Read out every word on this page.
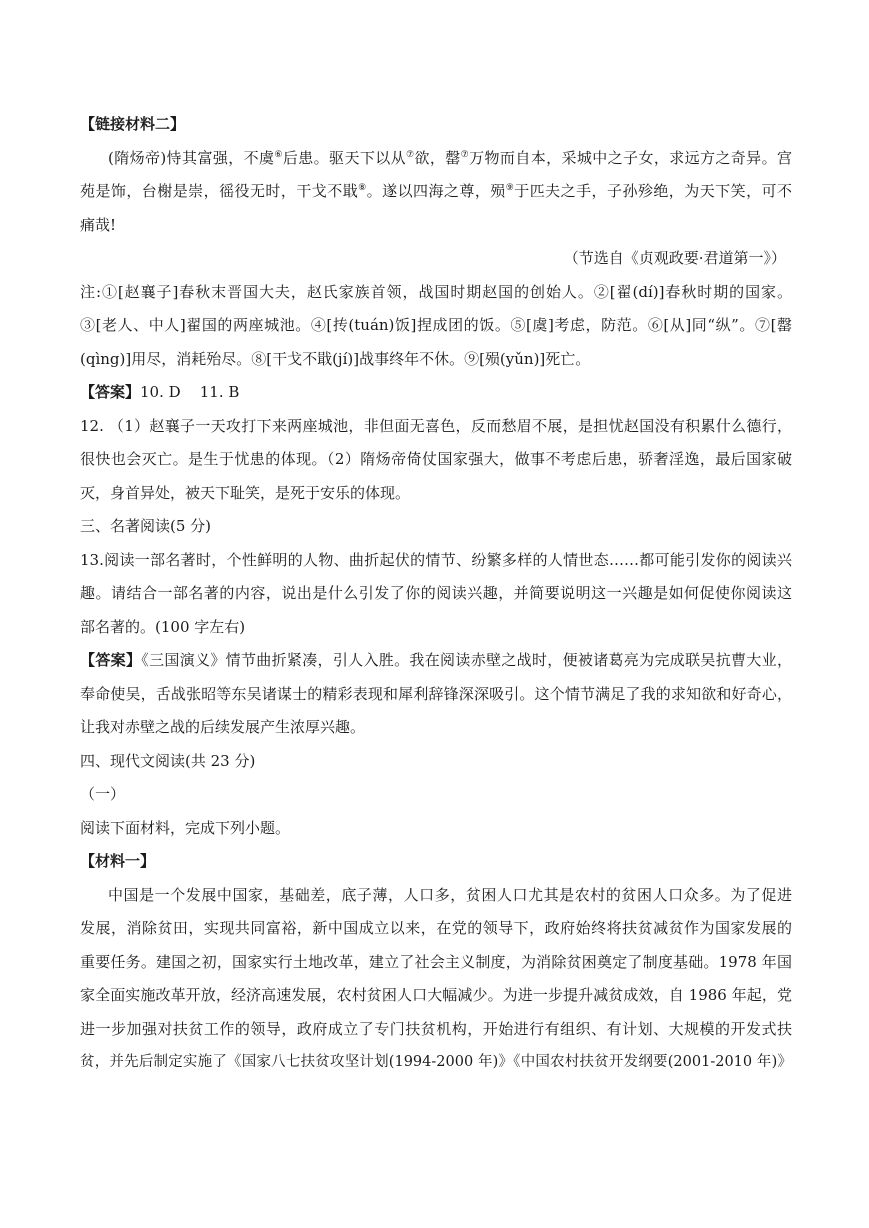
【链接材料二】
(隋炀帝)恃其富强，不虞⑥后患。驱天下以从⑦欲，罄⑦万物而自本，采城中之子女，求远方之奇异。宫
苑是饰，台榭是崇，徭役无时，干戈不戢⑧。遂以四海之尊，殒⑨于匹夫之手，子孙殄绝，为天下笑，可不
痛哉!
（节选自《贞观政要·君道第一》）
注:①[赵襄子]春秋末晋国大夫，赵氏家族首领，战国时期赵国的创始人。②[翟(dí)]春秋时期的国家。
③[老人、中人]翟国的两座城池。④[抟(tuán)饭]捏成团的饭。⑤[虞]考虑，防范。⑥[从]同“纵”。⑦[罄
(qìng)]用尽，消耗殆尽。⑧[干戈不戢(jí)]战事终年不休。⑨[殒(yǔn)]死亡。
【答案】10. D    11. B
12. （1）赵襄子一天攻打下来两座城池，非但面无喜色，反而愁眉不展，是担忧赵国没有积累什么德行，
很快也会灭亡。是生于忧患的体现。（2）隋炀帝倚仗国家强大，做事不考虑后患，骄奢淫逸，最后国家破
灭，身首异处，被天下耻笑，是死于安乐的体现。
三、名著阅读(5 分)
13.阅读一部名著时，个性鲜明的人物、曲折起伏的情节、纷繁多样的人情世态……都可能引发你的阅读兴
趣。请结合一部名著的内容，说出是什么引发了你的阅读兴趣，并简要说明这一兴趣是如何促使你阅读这
部名著的。(100 字左右)
【答案】《三国演义》情节曲折紧凑，引人入胜。我在阅读赤壁之战时，便被诸葛亮为完成联吴抗曹大业，
奉命使吴，舌战张昭等东吴诸谋士的精彩表现和犀利辞锋深深吸引。这个情节满足了我的求知欲和好奇心，
让我对赤壁之战的后续发展产生浓厚兴趣。
四、现代文阅读(共 23 分)
（一）
阅读下面材料，完成下列小题。
【材料一】
中国是一个发展中国家，基础差，底子薄，人口多，贫困人口尤其是农村的贫困人口众多。为了促进
发展，消除贫田，实现共同富裕，新中国成立以来，在党的领导下，政府始终将扶贫减贫作为国家发展的
重要任务。建国之初，国家实行土地改革，建立了社会主义制度，为消除贫困奠定了制度基础。1978 年国
家全面实施改革开放，经济高速发展，农村贫困人口大幅减少。为进一步提升减贫成效，自 1986 年起，党
进一步加强对扶贫工作的领导，政府成立了专门扶贫机构，开始进行有组织、有计划、大规模的开发式扶
贫，并先后制定实施了《国家八七扶贫攻坚计划(1994-2000 年)》《中国农村扶贫开发纲要(2001-2010 年)》
